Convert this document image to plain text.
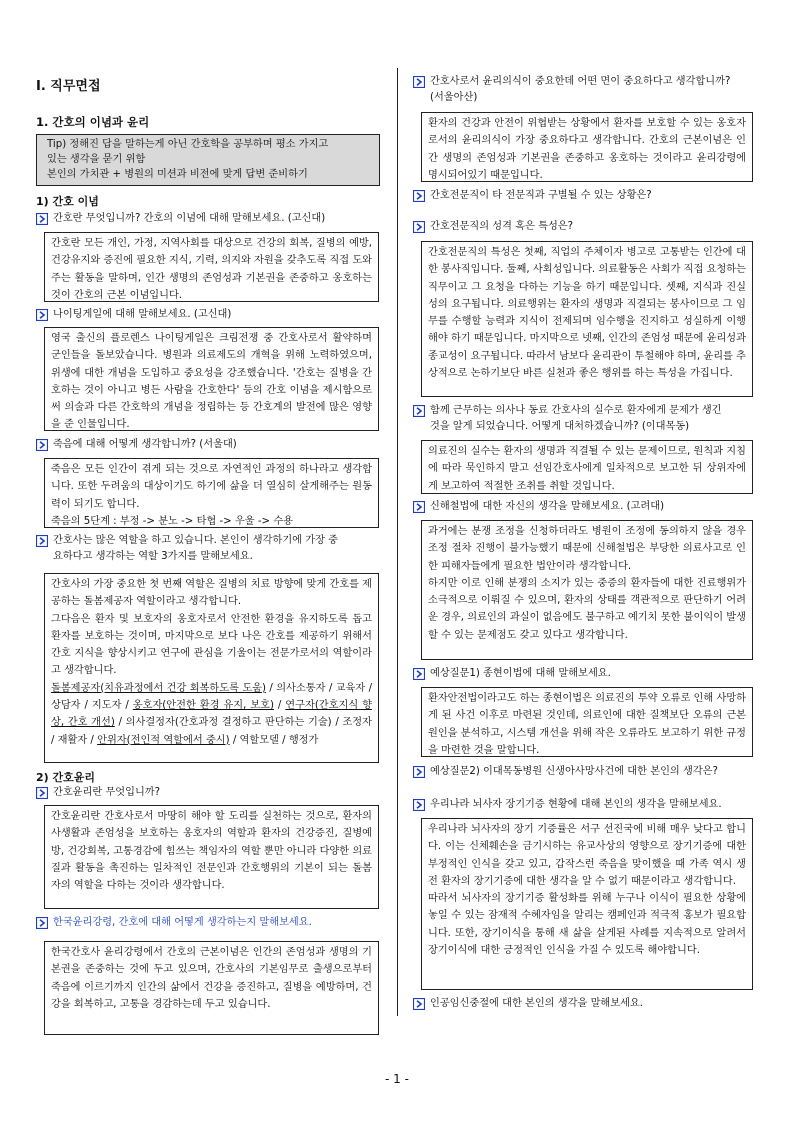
Ⅰ. 직무면접
1. 간호의 이념과 윤리
Tip) 정해진 답을 말하는게 아닌 간호학을 공부하며 평소 가지고
있는 생각을 묻기 위함
본인의 가치관 + 병원의 미션과 비전에 맞게 답변 준비하기
1) 간호 이념
간호란 무엇입니까? 간호의 이념에 대해 말해보세요. (고신대)
간호란 모든 개인, 가정, 지역사회를 대상으로 건강의 회복, 질병의 예방, 건강유지와 증진에 필요한 지식, 기력, 의지와 자원을 갖추도록 직접 도와주는 활동을 말하며, 인간 생명의 존엄성과 기본권을 존중하고 옹호하는 것이 간호의 근본 이념입니다.
나이팅게일에 대해 말해보세요. (고신대)
영국 출신의 플로렌스 나이팅게일은 크림전쟁 중 간호사로서 활약하며 군인들을 돌보았습니다. 병원과 의료제도의 개혁을 위해 노력하였으며, 위생에 대한 개념을 도입하고 중요성을 강조했습니다. '간호는 질병을 간호하는 것이 아니고 병든 사람을 간호한다' 등의 간호 이념을 제시함으로써 의술과 다른 간호학의 개념을 정립하는 등 간호계의 발전에 많은 영향을 준 인물입니다.
죽음에 대해 어떻게 생각합니까? (서울대)
죽음은 모든 인간이 겪게 되는 것으로 자연적인 과정의 하나라고 생각합니다. 또한 두려움의 대상이기도 하기에 삶을 더 열심히 살게해주는 원동력이 되기도 합니다.
죽음의 5단계 : 부정 -> 분노 -> 타협 -> 우울 -> 수용
간호사는 많은 역할을 하고 있습니다. 본인이 생각하기에 가장 중
요하다고 생각하는 역할 3가지를 말해보세요.
간호사의 가장 중요한 첫 번째 역할은 질병의 치료 방향에 맞게 간호를 제공하는 돌봄제공자 역할이라고 생각합니다.
그다음은 환자 및 보호자의 옹호자로서 안전한 환경을 유지하도록 돕고 환자를 보호하는 것이며, 마지막으로 보다 나은 간호를 제공하기 위해서 간호 지식을 향상시키고 연구에 관심을 기울이는 전문가로서의 역할이라고 생각합니다.
돌봄제공자(치유과정에서 건강 회복하도록 도움) / 의사소통자 / 교육자 / 상담자 / 지도자 / 옹호자(안전한 환경 유지, 보호) / 연구자(간호지식 향상, 간호 개선) / 의사결정자(간호과정 결정하고 판단하는 기술) / 조정자 / 재활자 / 안위자(전인적 역할에서 중시) / 역할모델 / 행정가
2) 간호윤리
간호윤리란 무엇입니까?
간호윤리란 간호사로서 마땅히 해야 할 도리를 실천하는 것으로, 환자의 사생활과 존엄성을 보호하는 옹호자의 역할과 환자의 건강증진, 질병예방, 건강회복, 고통경감에 힘쓰는 책임자의 역할 뿐만 아니라 다양한 의료질과 활동을 촉진하는 일차적인 전문인과 간호행위의 기본이 되는 돌봄자의 역할을 다하는 것이라 생각합니다.
한국윤리강령, 간호에 대해 어떻게 생각하는지 말해보세요.
한국간호사 윤리강령에서 간호의 근본이념은 인간의 존엄성과 생명의 기본권을 존중하는 것에 두고 있으며, 간호사의 기본임무로 출생으로부터 죽음에 이르기까지 인간의 삶에서 건강을 증진하고, 질병을 예방하며, 건강을 회복하고, 고통을 경감하는데 두고 있습니다.
간호사로서 윤리의식이 중요한데 어떤 면이 중요하다고 생각합니까?
(서울아산)
환자의 건강과 안전이 위협받는 상황에서 환자를 보호할 수 있는 옹호자로서의 윤리의식이 가장 중요하다고 생각합니다. 간호의 근본이념은 인간 생명의 존엄성과 기본권을 존중하고 옹호하는 것이라고 윤리강령에 명시되어있기 때문입니다.
간호전문직이 타 전문직과 구별될 수 있는 상황은?
간호전문직의 성격 혹은 특성은?
간호전문직의 특성은 첫째, 직업의 주체이자 병고로 고통받는 인간에 대한 봉사직입니다. 둘째, 사회성입니다. 의료활동은 사회가 직접 요청하는 직무이고 그 요청을 다하는 기능을 하기 때문입니다. 셋째, 지식과 진실성의 요구됩니다. 의료행위는 환자의 생명과 직결되는 봉사이므로 그 임무를 수행할 능력과 지식이 전제되며 임수행을 진지하고 성실하게 이행해야 하기 때문입니다. 마지막으로 넷째, 인간의 존엄성 때문에 윤리성과 종교성이 요구됩니다. 따라서 남보다 윤리관이 투철해야 하며, 윤리를 추상적으로 논하기보단 바른 실천과 좋은 행위를 하는 특성을 가집니다.
함께 근무하는 의사나 동료 간호사의 실수로 환자에게 문제가 생긴
것을 알게 되었습니다. 어떻게 대처하겠습니까? (이대목동)
의료진의 실수는 환자의 생명과 직결될 수 있는 문제이므로, 원칙과 지침에 따라 묵인하지 말고 선임간호사에게 일차적으로 보고한 뒤 상위자에게 보고하여 적절한 조취를 취할 것입니다.
신해철법에 대한 자신의 생각을 말해보세요. (고려대)
과거에는 분쟁 조정을 신청하더라도 병원이 조정에 동의하지 않을 경우 조정 절차 진행이 불가능했기 때문에 신해철법은 부당한 의료사고로 인한 피해자들에게 필요한 법안이라 생각합니다.
하지만 이로 인해 분쟁의 소지가 있는 중증의 환자들에 대한 진료행위가 소극적으로 이뤄질 수 있으며, 환자의 상태를 객관적으로 판단하기 어려운 경우, 의료인의 과실이 없음에도 불구하고 예기치 못한 불이익이 발생할 수 있는 문제점도 갖고 있다고 생각합니다.
예상질문1) 종현이법에 대해 말해보세요.
환자안전법이라고도 하는 종현이법은 의료진의 투약 오류로 인해 사망하게 된 사건 이후로 마련된 것인데, 의료인에 대한 질책보단 오류의 근본원인을 분석하고, 시스템 개선을 위해 작은 오류라도 보고하기 위한 규정을 마련한 것을 말합니다.
예상질문2) 이대목동병원 신생아사망사건에 대한 본인의 생각은?
우리나라 뇌사자 장기기증 현황에 대해 본인의 생각을 말해보세요.
우리나라 뇌사자의 장기 기증률은 서구 선진국에 비해 매우 낮다고 합니다. 이는 신체훼손을 금기시하는 유교사상의 영향으로 장기기증에 대한 부정적인 인식을 갖고 있고, 갑작스런 죽음을 맞이했을 때 가족 역시 생전 환자의 장기기증에 대한 생각을 알 수 없기 때문이라고 생각합니다.
따라서 뇌사자의 장기기증 활성화를 위해 누구나 이식이 필요한 상황에 놓일 수 있는 잠재적 수혜자임을 알리는 캠페인과 적극적 홍보가 필요합니다. 또한, 장기이식을 통해 새 삶을 살게된 사례를 지속적으로 알려서 장기이식에 대한 긍정적인 인식을 가질 수 있도록 해야합니다.
인공임신중절에 대한 본인의 생각을 말해보세요.
- 1 -
